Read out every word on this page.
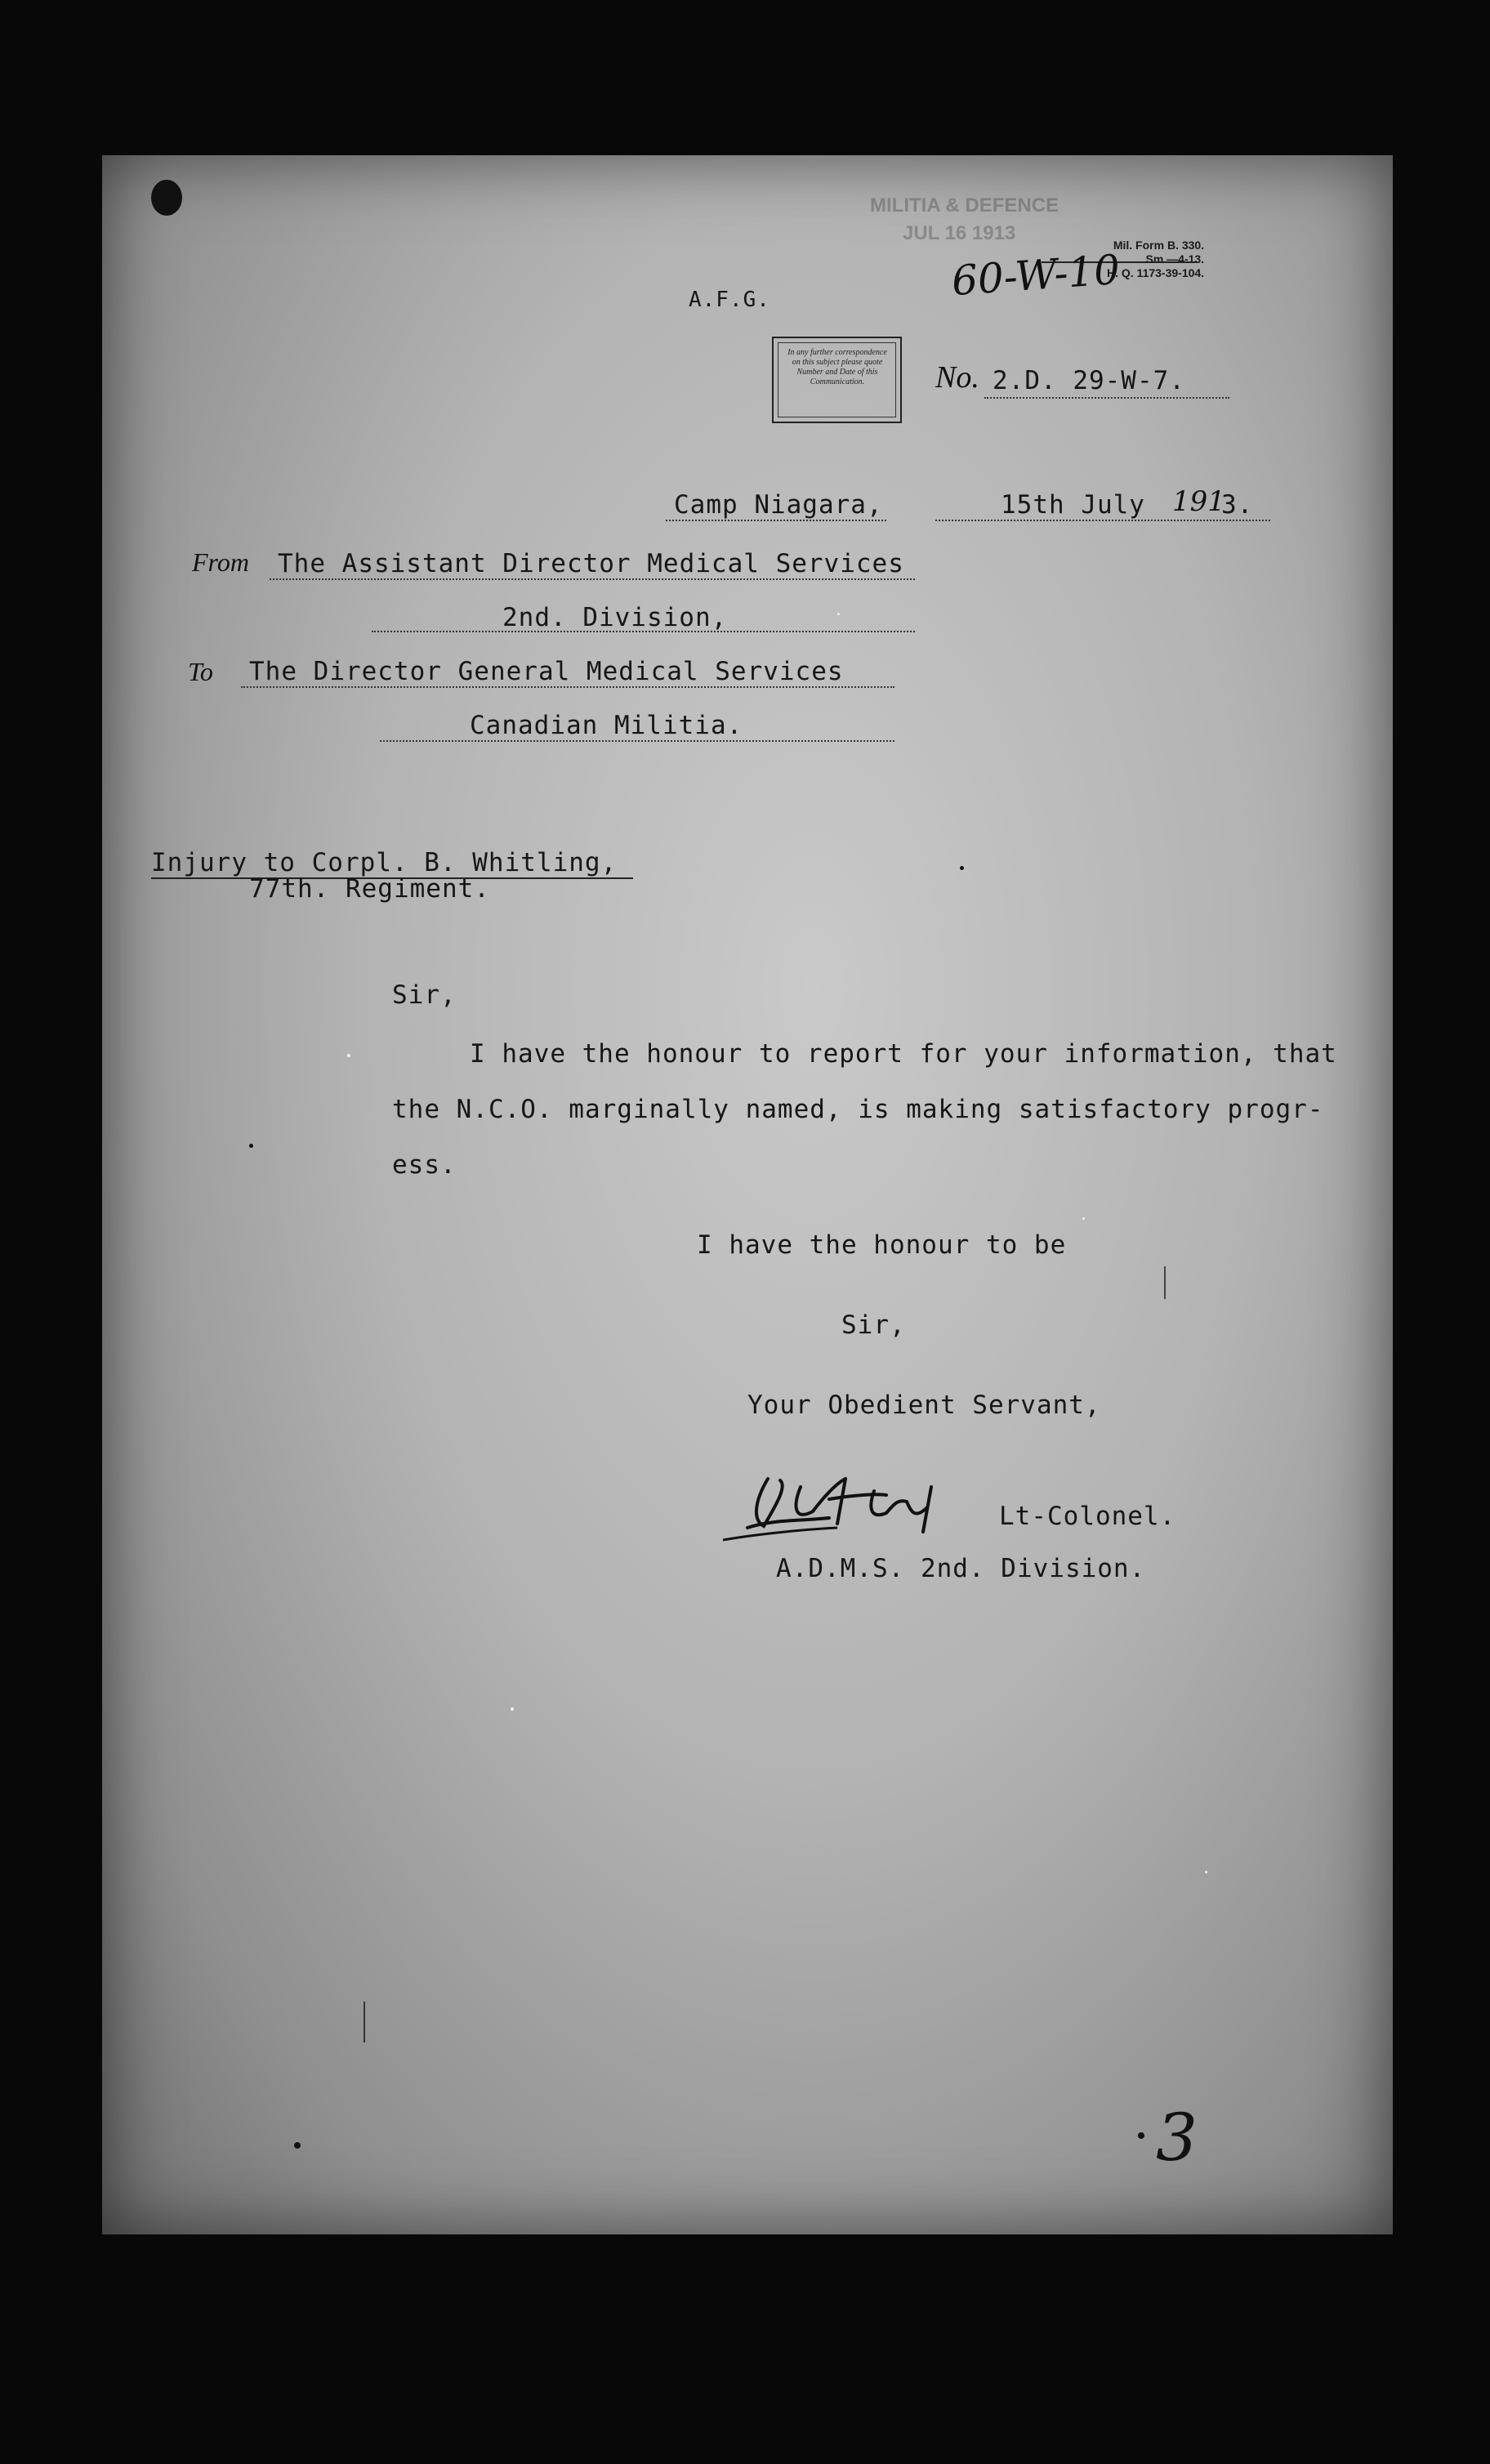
MILITIA & DEFENCE
JUL 16 1913
Mil. Form B. 330.
Sm.—4-13.
H. Q. 1173-39-104.
60-W-10
A.F.G.
In any further correspondence on this subject please quote Number and Date of this Communication.	No. 2.D. 29-W-7.
Camp Niagara,	15th July 191
3.
From The Assistant Director Medical Services
2nd. Division,
To The Director General Medical Services
Canadian Militia.
Injury to Corpl. B. Whitling,
77th. Regiment.
Sir,
I have the honour to report for your information, that
the N.C.O. marginally named, is making satisfactory progr-
ess.
I have the honour to be
Sir,
Your Obedient Servant,
Lt-Colonel.
A.D.M.S. 2nd. Division.
3
